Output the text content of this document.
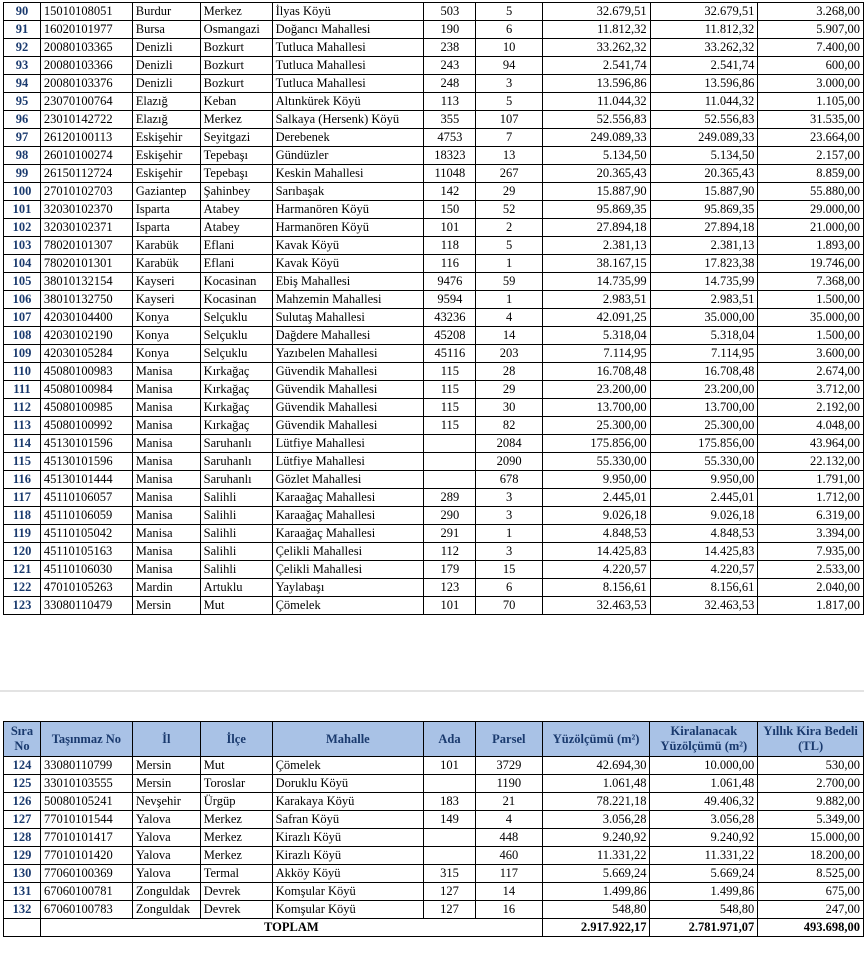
90	15010108051	Burdur	Merkez	İlyas Köyü	503	5	32.679,51	32.679,51	3.268,00
91	16020101977	Bursa	Osmangazi	Doğancı Mahallesi	190	6	11.812,32	11.812,32	5.907,00
92	20080103365	Denizli	Bozkurt	Tutluca Mahallesi	238	10	33.262,32	33.262,32	7.400,00
93	20080103366	Denizli	Bozkurt	Tutluca Mahallesi	243	94	2.541,74	2.541,74	600,00
94	20080103376	Denizli	Bozkurt	Tutluca Mahallesi	248	3	13.596,86	13.596,86	3.000,00
95	23070100764	Elazığ	Keban	Altınkürek Köyü	113	5	11.044,32	11.044,32	1.105,00
96	23010142722	Elazığ	Merkez	Salkaya (Hersenk) Köyü	355	107	52.556,83	52.556,83	31.535,00
97	26120100113	Eskişehir	Seyitgazi	Derebenek	4753	7	249.089,33	249.089,33	23.664,00
98	26010100274	Eskişehir	Tepebaşı	Gündüzler	18323	13	5.134,50	5.134,50	2.157,00
99	26150112724	Eskişehir	Tepebaşı	Keskin Mahallesi	11048	267	20.365,43	20.365,43	8.859,00
100	27010102703	Gaziantep	Şahinbey	Sarıbaşak	142	29	15.887,90	15.887,90	55.880,00
101	32030102370	Isparta	Atabey	Harmanören Köyü	150	52	95.869,35	95.869,35	29.000,00
102	32030102371	Isparta	Atabey	Harmanören Köyü	101	2	27.894,18	27.894,18	21.000,00
103	78020101307	Karabük	Eflani	Kavak Köyü	118	5	2.381,13	2.381,13	1.893,00
104	78020101301	Karabük	Eflani	Kavak Köyü	116	1	38.167,15	17.823,38	19.746,00
105	38010132154	Kayseri	Kocasinan	Ebiş Mahallesi	9476	59	14.735,99	14.735,99	7.368,00
106	38010132750	Kayseri	Kocasinan	Mahzemin Mahallesi	9594	1	2.983,51	2.983,51	1.500,00
107	42030104400	Konya	Selçuklu	Sulutaş Mahallesi	43236	4	42.091,25	35.000,00	35.000,00
108	42030102190	Konya	Selçuklu	Dağdere Mahallesi	45208	14	5.318,04	5.318,04	1.500,00
109	42030105284	Konya	Selçuklu	Yazıbelen Mahallesi	45116	203	7.114,95	7.114,95	3.600,00
110	45080100983	Manisa	Kırkağaç	Güvendik Mahallesi	115	28	16.708,48	16.708,48	2.674,00
111	45080100984	Manisa	Kırkağaç	Güvendik Mahallesi	115	29	23.200,00	23.200,00	3.712,00
112	45080100985	Manisa	Kırkağaç	Güvendik Mahallesi	115	30	13.700,00	13.700,00	2.192,00
113	45080100992	Manisa	Kırkağaç	Güvendik Mahallesi	115	82	25.300,00	25.300,00	4.048,00
114	45130101596	Manisa	Saruhanlı	Lütfiye Mahallesi		2084	175.856,00	175.856,00	43.964,00
115	45130101596	Manisa	Saruhanlı	Lütfiye Mahallesi		2090	55.330,00	55.330,00	22.132,00
116	45130101444	Manisa	Saruhanlı	Gözlet Mahallesi		678	9.950,00	9.950,00	1.791,00
117	45110106057	Manisa	Salihli	Karaağaç Mahallesi	289	3	2.445,01	2.445,01	1.712,00
118	45110106059	Manisa	Salihli	Karaağaç Mahallesi	290	3	9.026,18	9.026,18	6.319,00
119	45110105042	Manisa	Salihli	Karaağaç Mahallesi	291	1	4.848,53	4.848,53	3.394,00
120	45110105163	Manisa	Salihli	Çelikli Mahallesi	112	3	14.425,83	14.425,83	7.935,00
121	45110106030	Manisa	Salihli	Çelikli Mahallesi	179	15	4.220,57	4.220,57	2.533,00
122	47010105263	Mardin	Artuklu	Yaylabaşı	123	6	8.156,61	8.156,61	2.040,00
123	33080110479	Mersin	Mut	Çömelek	101	70	32.463,53	32.463,53	1.817,00
Sıra No	Taşınmaz No	İl	İlçe	Mahalle	Ada	Parsel	Yüzölçümü (m²)	Kiralanacak Yüzölçümü (m²)	Yıllık Kira Bedeli (TL)
124	33080110799	Mersin	Mut	Çömelek	101	3729	42.694,30	10.000,00	530,00
125	33010103555	Mersin	Toroslar	Doruklu Köyü		1190	1.061,48	1.061,48	2.700,00
126	50080105241	Nevşehir	Ürgüp	Karakaya Köyü	183	21	78.221,18	49.406,32	9.882,00
127	77010101544	Yalova	Merkez	Safran Köyü	149	4	3.056,28	3.056,28	5.349,00
128	77010101417	Yalova	Merkez	Kirazlı Köyü		448	9.240,92	9.240,92	15.000,00
129	77010101420	Yalova	Merkez	Kirazlı Köyü		460	11.331,22	11.331,22	18.200,00
130	77060100369	Yalova	Termal	Akköy Köyü	315	117	5.669,24	5.669,24	8.525,00
131	67060100781	Zonguldak	Devrek	Komşular Köyü	127	14	1.499,86	1.499,86	675,00
132	67060100783	Zonguldak	Devrek	Komşular Köyü	127	16	548,80	548,80	247,00
	TOPLAM						2.917.922,17	2.781.971,07	493.698,00
